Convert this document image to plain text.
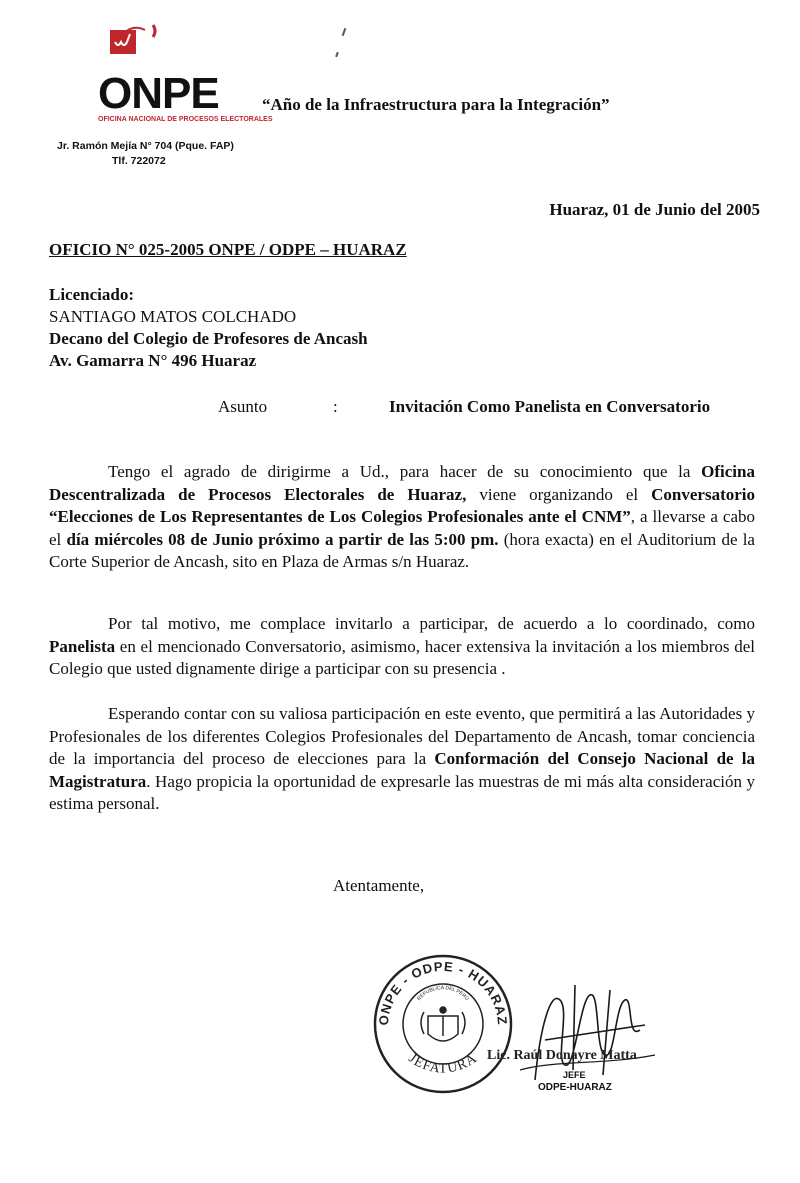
ONPE
OFICINA NACIONAL DE PROCESOS ELECTORALES
Jr. Ramón Mejía N° 704 (Pque. FAP)
Tlf. 722072
“Año de la Infraestructura para la Integración”
Huaraz, 01 de Junio del 2005
OFICIO N° 025-2005 ONPE / ODPE – HUARAZ
Licenciado:
SANTIAGO MATOS COLCHADO
Decano del Colegio de Profesores de Ancash
Av. Gamarra N° 496 Huaraz
Asunto	:	Invitación Como Panelista en Conversatorio

Tengo el agrado de dirigirme a Ud., para hacer de su conocimiento que la Oficina Descentralizada de Procesos Electorales de Huaraz, viene organizando el Conversatorio “Elecciones de Los Representantes de Los Colegios Profesionales ante el CNM”, a llevarse a cabo el día miércoles 08 de Junio próximo a partir de las 5:00 pm. (hora exacta) en el Auditorium de la Corte Superior de Ancash, sito en Plaza de Armas s/n Huaraz.

Por tal motivo, me complace invitarlo a participar, de acuerdo a lo coordinado, como Panelista en el mencionado Conversatorio, asimismo, hacer extensiva la invitación a los miembros del Colegio que usted dignamente dirige a participar con su presencia .

Esperando contar con su valiosa participación en este evento, que permitirá a las Autoridades y Profesionales de los diferentes Colegios Profesionales del Departamento de Ancash, tomar conciencia de la importancia del proceso de elecciones para la Conformación del Consejo Nacional de la Magistratura. Hago propicia la oportunidad de expresarle las muestras de mi más alta consideración y estima personal.

Atentamente,
ONPE - ODPE - HUARAZ
JEFATURA
REPUBLICA DEL PERU
Lic. Raúl Donayre Matta
JEFE
ODPE-HUARAZ
